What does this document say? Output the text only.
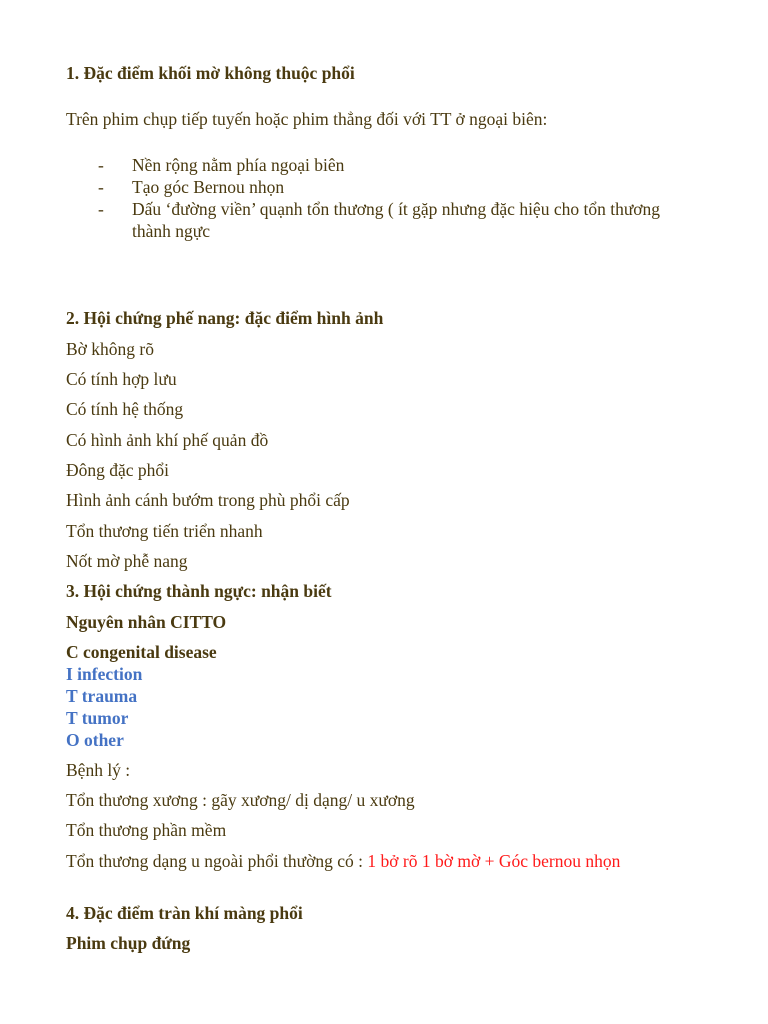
1. Đặc điểm khối mờ không thuộc phổi
Trên phim chụp tiếp tuyến hoặc phim thẳng đối với TT ở ngoại biên:
- Nền rộng nằm phía ngoại biên
- Tạo góc Bernou nhọn
- Dấu ‘đường viền’ quạnh tổn thương ( ít gặp nhưng đặc hiệu cho tổn thương thành ngực
2. Hội chứng phế nang: đặc điểm hình ảnh
Bờ không rõ
Có tính hợp lưu
Có tính hệ thống
Có hình ảnh khí phế quản đồ
Đông đặc phổi
Hình ảnh cánh bướm trong phù phổi cấp
Tổn thương tiến triển nhanh
Nốt mờ phễ nang
3. Hội chứng thành ngực: nhận biết
Nguyên nhân CITTO
C congenital disease
I infection
T trauma
T tumor
O other
Bệnh lý :
Tổn thương xương : gãy xương/ dị dạng/ u xương
Tổn thương phần mềm
Tổn thương dạng u ngoài phổi thường có : 1 bở rõ 1 bờ mờ + Góc bernou nhọn
4. Đặc điểm tràn khí màng phổi
Phim chụp đứng
